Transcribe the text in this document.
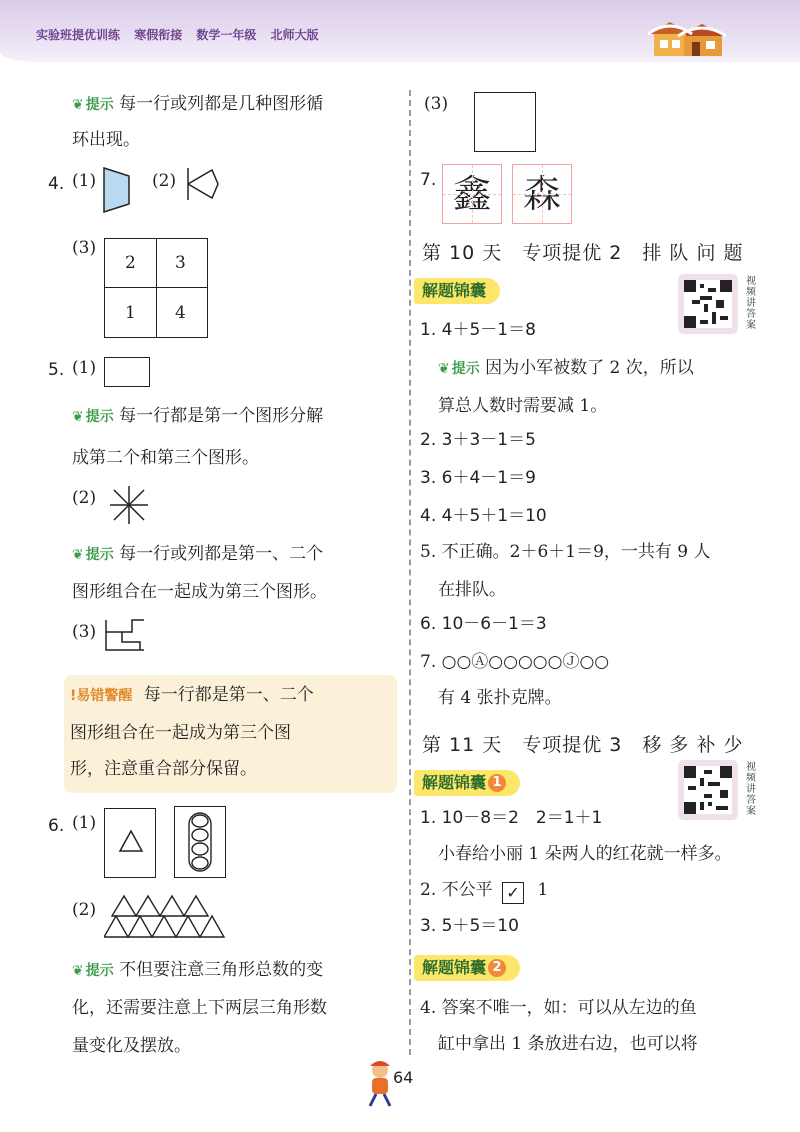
实验班提优训练 寒假衔接 数学一年级 北师大版
❦ 提示 每一行或列都是几种图形循
环出现。
4. (1)	(2)
(3)
2 3
1 4
5. (1)
❦ 提示 每一行都是第一个图形分解
成第二个和第三个图形。
(2)
❦ 提示 每一行或列都是第一、二个
图形组合在一起成为第三个图形。
(3)
!易错警醒 每一行都是第一、二个
图形组合在一起成为第三个图
形，注意重合部分保留。
6. (1)
(2)
❦ 提示 不但要注意三角形总数的变
化，还需要注意上下两层三角形数
量变化及摆放。
(3)
7. 鑫 森
第 10 天　专项提优 2　排 队 问 题
解题锦囊	视频讲答案
1. 4＋5－1＝8
❦ 提示 因为小军被数了 2 次，所以
算总人数时需要减 1。
2. 3＋3－1＝5
3. 6＋4－1＝9
4. 4＋5＋1＝10
5. 不正确。2＋6＋1＝9，一共有 9 人
在排队。
6. 10－6－1＝3
7. ○○Ⓐ○○○○○Ⓙ○○
有 4 张扑克牌。
第 11 天　专项提优 3　移 多 补 少
解题锦囊 1
视频讲答案
1. 10－8＝2　2＝1＋1
小春给小丽 1 朵两人的红花就一样多。
2. 不公平 ✓ 1
3. 5＋5＝10
解题锦囊 2
4. 答案不唯一，如：可以从左边的鱼
缸中拿出 1 条放进右边，也可以将
64
